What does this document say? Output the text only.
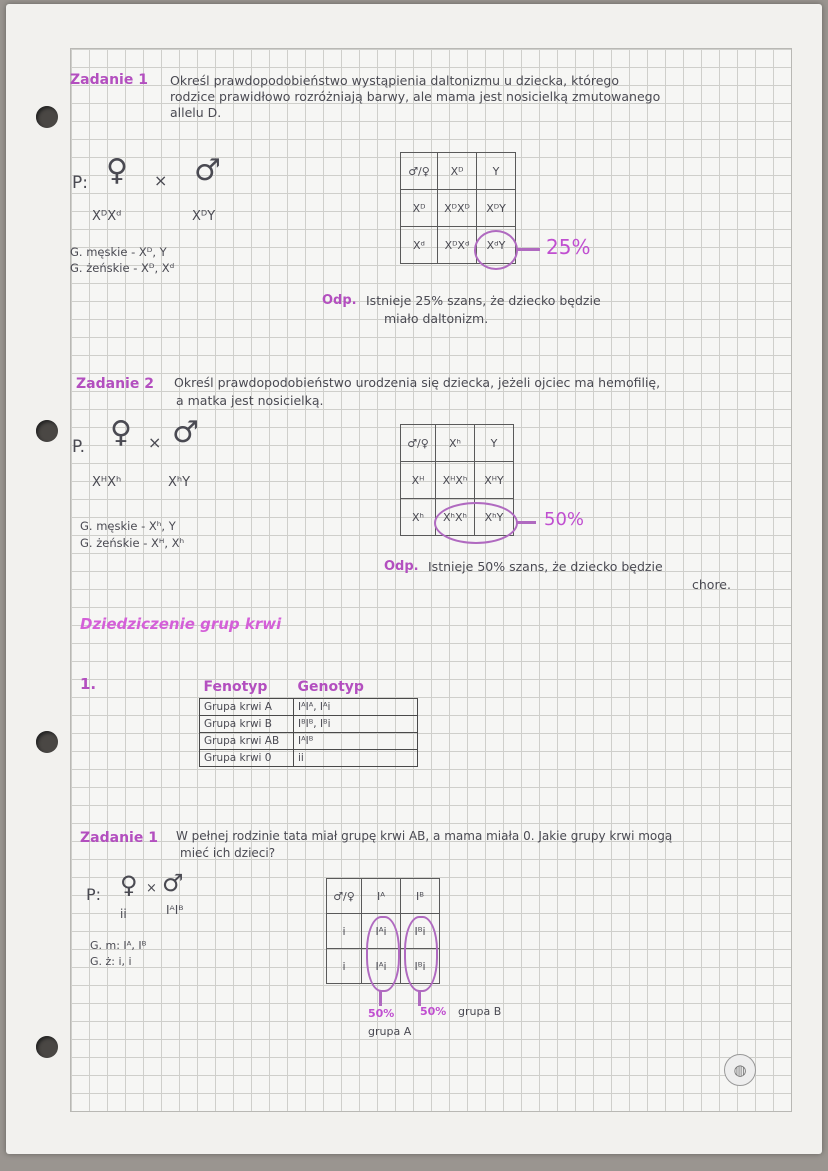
Zadanie 1 Określ prawdopodobieństwo wystąpienia daltonizmu u dziecka, którego
rodzice prawidłowo rozróżniają barwy, ale mama jest nosicielką zmutowanego
allelu D.
P: ♀ × ♂
XᴰXᵈ	XᴰY
G. męskie - Xᴰ, Y
G. żeńskie - Xᴰ, Xᵈ
♂/♀	Xᴰ	Y
Xᴰ	XᴰXᴰ	XᴰY
Xᵈ	XᴰXᵈ	XᵈY 25%
Odp. Istnieje 25% szans, że dziecko będzie
miało daltonizm.
Zadanie 2 Określ prawdopodobieństwo urodzenia się dziecka, jeżeli ojciec ma hemofilię,
a matka jest nosicielką.
P. ♀ × ♂
XᴴXʰ	XʰY
G. męskie - Xʰ, Y
G. żeńskie - Xᴴ, Xʰ
♂/♀	Xʰ	Y
Xᴴ	XᴴXʰ	XᴴY
Xʰ	XʰXʰ	XʰY 50%
Odp. Istnieje 50% szans, że dziecko będzie
chore.
Dziedziczenie grup krwi
1.	Fenotyp	Genotyp
Grupa krwi A	IᴬIᴬ, Iᴬi
Grupa krwi B	IᴮIᴮ, Iᴮi
Grupa krwi AB	IᴬIᴮ
Grupa krwi 0	ii
Zadanie 1 W pełnej rodzinie tata miał grupę krwi AB, a mama miała 0. Jakie grupy krwi mogą
mieć ich dzieci?
P: ♀ × ♂
ii	IᴬIᴮ
G. m: Iᴬ, Iᴮ
G. ż: i, i
♂/♀	Iᴬ	Iᴮ
i	Iᴬi	Iᴮi
i	Iᴬi	Iᴮi
50%
grupa A
50% grupa B
◍
